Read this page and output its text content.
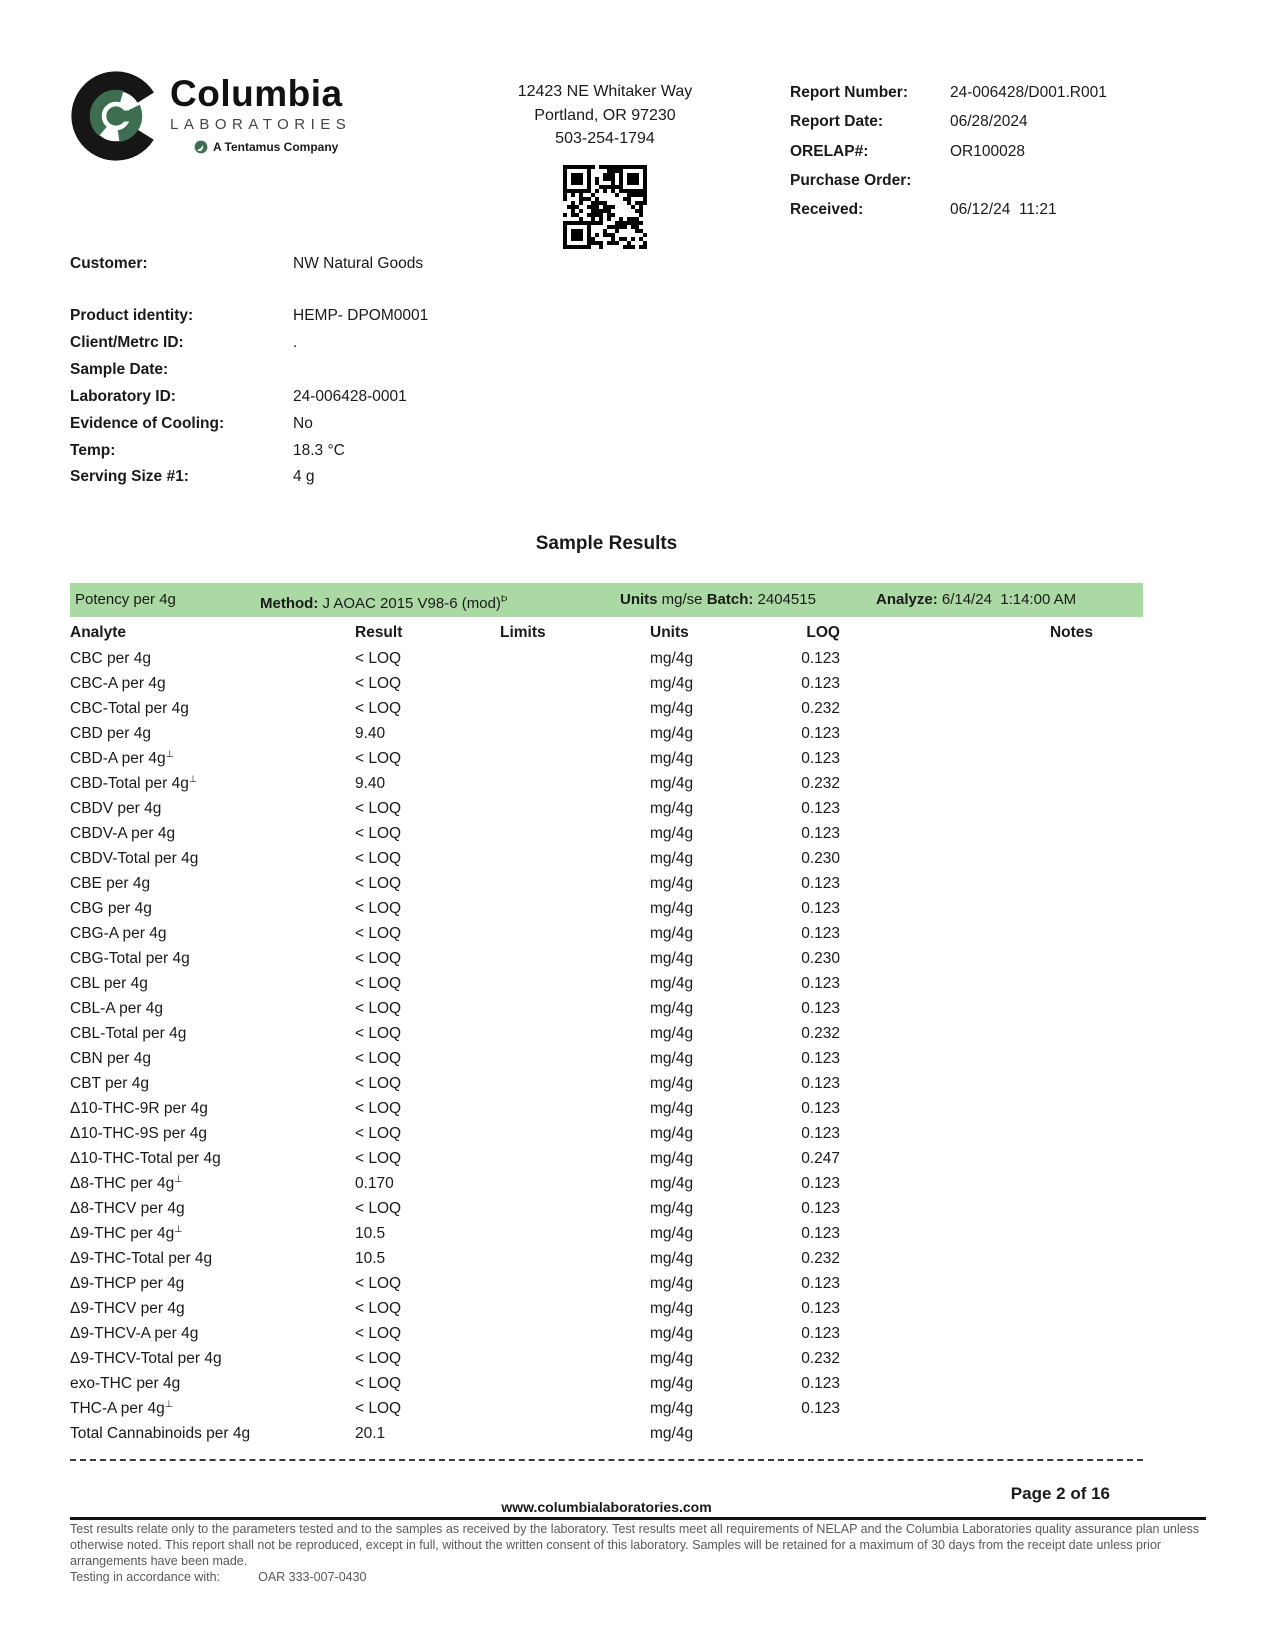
Columbia
LABORATORIES
A Tentamus Company
12423 NE Whitaker Way
Portland, OR 97230
503-254-1794
Report Number:	24-006428/D001.R001
Report Date:	06/28/2024
ORELAP#:	OR100028
Purchase Order:
Received:	06/12/24  11:21
Customer:	NW Natural Goods
Product identity:	HEMP- DPOM0001
Client/Metrc ID:	.
Sample Date:
Laboratory ID:	24-006428-0001
Evidence of Cooling:	No
Temp:	18.3 °C
Serving Size #1:	4 g
Sample Results
Potency per 4g	Method: J AOAC 2015 V98-6 (mod)$^Þ$	Units mg/se Batch: 2404515	Analyze: 6/14/24  1:14:00 AM
Analyte	Result	Limits	Units	LOQ	Notes
CBC per 4g	< LOQ	mg/4g	0.123
CBC-A per 4g	< LOQ	mg/4g	0.123
CBC-Total per 4g	< LOQ	mg/4g	0.232
CBD per 4g	9.40	mg/4g	0.123
CBD-A per 4g⊥	< LOQ	mg/4g	0.123
CBD-Total per 4g⊥	9.40	mg/4g	0.232
CBDV per 4g	< LOQ	mg/4g	0.123
CBDV-A per 4g	< LOQ	mg/4g	0.123
CBDV-Total per 4g	< LOQ	mg/4g	0.230
CBE per 4g	< LOQ	mg/4g	0.123
CBG per 4g	< LOQ	mg/4g	0.123
CBG-A per 4g	< LOQ	mg/4g	0.123
CBG-Total per 4g	< LOQ	mg/4g	0.230
CBL per 4g	< LOQ	mg/4g	0.123
CBL-A per 4g	< LOQ	mg/4g	0.123
CBL-Total per 4g	< LOQ	mg/4g	0.232
CBN per 4g	< LOQ	mg/4g	0.123
CBT per 4g	< LOQ	mg/4g	0.123
Δ10-THC-9R per 4g	< LOQ	mg/4g	0.123
Δ10-THC-9S per 4g	< LOQ	mg/4g	0.123
Δ10-THC-Total per 4g	< LOQ	mg/4g	0.247
Δ8-THC per 4g⊥	0.170	mg/4g	0.123
Δ8-THCV per 4g	< LOQ	mg/4g	0.123
Δ9-THC per 4g⊥	10.5	mg/4g	0.123
Δ9-THC-Total per 4g	10.5	mg/4g	0.232
Δ9-THCP per 4g	< LOQ	mg/4g	0.123
Δ9-THCV per 4g	< LOQ	mg/4g	0.123
Δ9-THCV-A per 4g	< LOQ	mg/4g	0.123
Δ9-THCV-Total per 4g	< LOQ	mg/4g	0.232
exo-THC per 4g	< LOQ	mg/4g	0.123
THC-A per 4g⊥	< LOQ	mg/4g	0.123
Total Cannabinoids per 4g	20.1	mg/4g
Page 2 of 16
www.columbialaboratories.com

Test results relate only to the parameters tested and to the samples as received by the laboratory. Test results meet all requirements of NELAP and the Columbia Laboratories quality assurance plan unless otherwise noted. This report shall not be reproduced, except in full, without the written consent of this laboratory. Samples will be retained for a maximum of 30 days from the receipt date unless prior arrangements have been made.

Testing in accordance with:	OAR 333-007-0430
